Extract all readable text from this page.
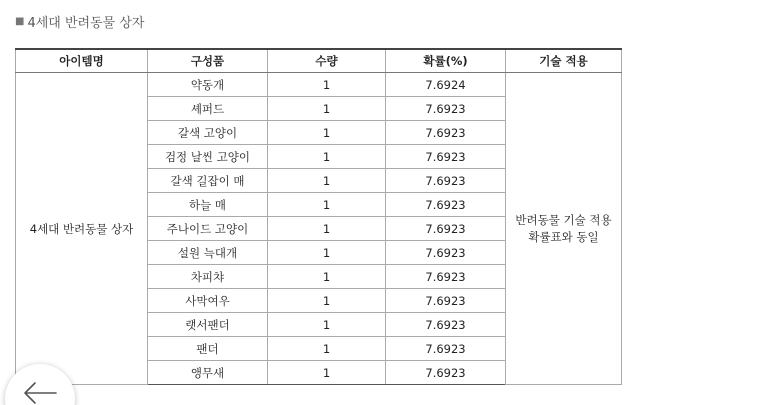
■ 4세대 반려동물 상자
아이템명	구성품	수량	확률(%)	기술 적용
4세대 반려동물 상자	약동개	1	7.6924	반려동물 기술 적용
확률표와 동일

	셰퍼드	1	7.6923	
	갈색 고양이	1	7.6923	
	검정 날씬 고양이	1	7.6923	
	갈색 길잡이 매	1	7.6923	
	하늘 매	1	7.6923	
	주나이드 고양이	1	7.6923	
	설원 늑대개	1	7.6923	
	차피챠	1	7.6923	
	사막여우	1	7.6923	
	랫서팬더	1	7.6923	
	팬더	1	7.6923	
	앵무새	1	7.6923	
